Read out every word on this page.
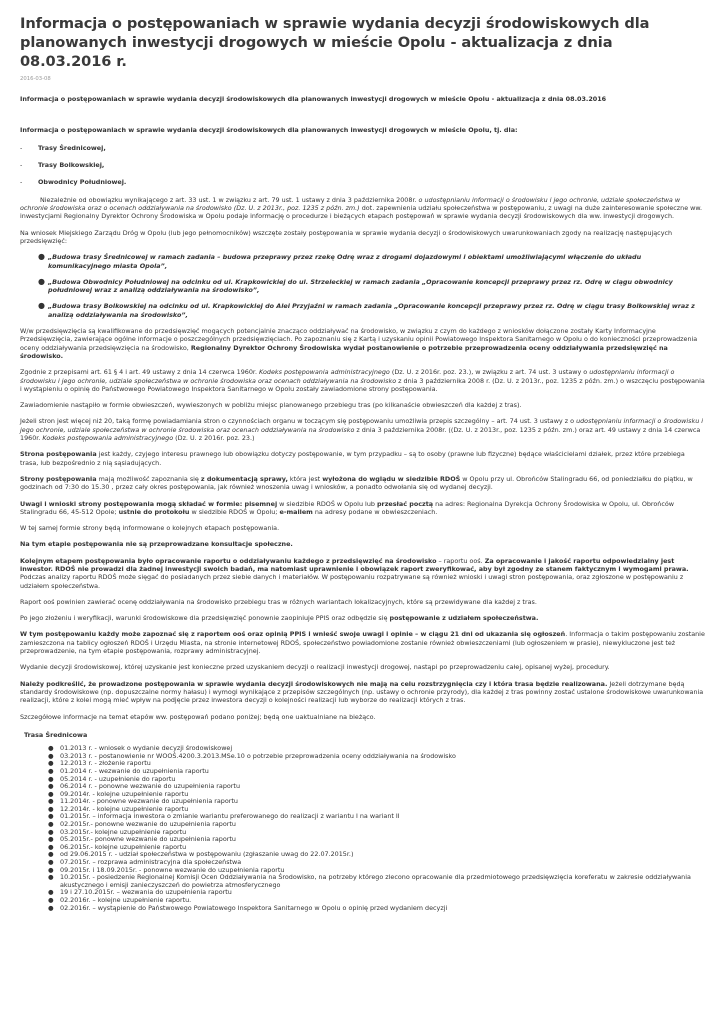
Informacja o postępowaniach w sprawie wydania decyzji środowiskowych dla planowanych inwestycji drogowych w mieście Opolu - aktualizacja z dnia 08.03.2016 r.
2016-03-08
Informacja o postępowaniach w sprawie wydania decyzji środowiskowych dla planowanych inwestycji drogowych w mieście Opolu - aktualizacja z dnia 08.03.2016

Informacja o postępowaniach w sprawie wydania decyzji środowiskowych dla planowanych inwestycji drogowych w mieście Opolu, tj. dla:

-	Trasy Średnicowej,
-	Trasy Bolkowskiej,
-	Obwodnicy Południowej.

Niezależnie od obowiązku wynikającego z art. 33 ust. 1 w związku z art. 79 ust. 1 ustawy z dnia 3 października 2008r. o udostępnianiu informacji o środowisku i jego ochronie, udziale społeczeństwa w ochronie środowiska oraz o ocenach oddziaływania na środowisko (Dz. U. z 2013r., poz. 1235 z późn. zm.) dot. zapewnienia udziału społeczeństwa w postępowaniu, z uwagi na duże zainteresowanie społeczne ww. inwestycjami Regionalny Dyrektor Ochrony Środowiska w Opolu podaje informację o procedurze i bieżących etapach postępowań w sprawie wydania decyzji środowiskowych dla ww. inwestycji drogowych.

Na wniosek Miejskiego Zarządu Dróg w Opolu (lub jego pełnomocników) wszczęte zostały postępowania w sprawie wydania decyzji o środowiskowych uwarunkowaniach zgody na realizację następujących przedsięwzięć:

● „Budowa trasy Średnicowej w ramach zadania – budowa przeprawy przez rzekę Odrę wraz z drogami dojazdowymi i obiektami umożliwiającymi włączenie do układu komunikacyjnego miasta Opola”,
● „Budowa Obwodnicy Południowej na odcinku od ul. Krapkowickiej do ul. Strzeleckiej w ramach zadania „Opracowanie koncepcji przeprawy przez rz. Odrę w ciągu obwodnicy południowej wraz z analizą oddziaływania na środowisko”,
● „Budowa trasy Bolkowskiej na odcinku od ul. Krapkowickiej do Alei Przyjaźni w ramach zadania „Opracowanie koncepcji przeprawy przez rz. Odrę w ciągu trasy Bolkowskiej wraz z analizą oddziaływania na środowisko”,

W/w przedsięwzięcia są kwalifikowane do przedsięwzięć mogących potencjalnie znacząco oddziaływać na środowisko, w związku z czym do każdego z wniosków dołączone zostały Karty Informacyjne Przedsięwzięcia, zawierające ogólne informacje o poszczególnych przedsięwzięciach. Po zapoznaniu się z Kartą i uzyskaniu opinii Powiatowego Inspektora Sanitarnego w Opolu o do konieczności przeprowadzenia oceny oddziaływania przedsięwzięcia na środowisko, Regionalny Dyrektor Ochrony Środowiska wydał postanowienie o potrzebie przeprowadzenia oceny oddziaływania przedsięwzięć na środowisko.

Zgodnie z przepisami art. 61 § 4 i art. 49 ustawy z dnia 14 czerwca 1960r. Kodeks postępowania administracyjnego (Dz. U. z 2016r. poz. 23.), w związku z art. 74 ust. 3 ustawy o udostępnianiu informacji o środowisku i jego ochronie, udziale społeczeństwa w ochronie środowiska oraz ocenach oddziaływania na środowisko z dnia 3 października 2008 r. (Dz. U. z 2013r., poz. 1235 z późn. zm.) o wszczęciu postępowania i wystąpieniu o opinię do Państwowego Powiatowego Inspektora Sanitarnego w Opolu zostały zawiadomione strony postępowania.

Zawiadomienie nastąpiło w formie obwieszczeń, wywieszonych w pobliżu miejsc planowanego przebiegu tras (po kilkanaście obwieszczeń dla każdej z tras).

Jeżeli stron jest więcej niż 20, taką formę powiadamiania stron o czynnościach organu w toczącym się postępowaniu umożliwia przepis szczególny – art. 74 ust. 3 ustawy z o udostępnianiu informacji o środowisku i jego ochronie, udziale społeczeństwa w ochronie środowiska oraz ocenach oddziaływania na środowisko z dnia 3 października 2008r. ((Dz. U. z 2013r., poz. 1235 z późn. zm.) oraz art. 49 ustawy z dnia 14 czerwca 1960r. Kodeks postępowania administracyjnego (Dz. U. z 2016r. poz. 23.)

Strona postępowania jest każdy, czyjego interesu prawnego lub obowiązku dotyczy postępowanie, w tym przypadku – są to osoby (prawne lub fizyczne) będące właścicielami działek, przez które przebiega trasa, lub bezpośrednio z nią sąsiadujących.

Strony postępowania mają możliwość zapoznania się z dokumentacją sprawy, która jest wyłożona do wglądu w siedzibie RDOŚ w Opolu przy ul. Obrońców Stalingradu 66, od poniedziałku do piątku, w godzinach od 7:30 do 15.30 , przez cały okres postępowania, jak również wnoszenia uwag i wniosków, a ponadto odwołania się od wydanej decyzji.

Uwagi i wnioski strony postępowania mogą składać w formie: pisemnej w siedzibie RDOŚ w Opolu lub przesłać pocztą na adres: Regionalna Dyrekcja Ochrony Środowiska w Opolu, ul. Obrońców Stalingradu 66, 45-512 Opole; ustnie do protokołu w siedzibie RDOŚ w Opolu; e-mailem na adresy podane w obwieszczeniach.

W tej samej formie strony będą informowane o kolejnych etapach postępowania.

Na tym etapie postępowania nie są przeprowadzane konsultacje społeczne.

Kolejnym etapem postępowania było opracowanie raportu o oddziaływaniu każdego z przedsięwzięć na środowisko – raportu ooś. Za opracowanie i jakość raportu odpowiedzialny jest inwestor. RDOŚ nie prowadzi dla żadnej inwestycji swoich badań, ma natomiast uprawnienie i obowiązek raport zweryfikować, aby był zgodny ze stanem faktycznym i wymogami prawa. Podczas analizy raportu RDOŚ może sięgać do posiadanych przez siebie danych i materiałów. W postępowaniu rozpatrywane są również wnioski i uwagi stron postępowania, oraz zgłoszone w postępowaniu z udziałem społeczeństwa.

Raport ooś powinien zawierać ocenę oddziaływania na środowisko przebiegu tras w różnych wariantach lokalizacyjnych, które są przewidywane dla każdej z tras.

Po jego złożeniu i weryfikacji, warunki środowiskowe dla przedsięwzięć ponownie zaopiniuje PPIS oraz odbędzie się postępowanie z udziałem społeczeństwa.

W tym postępowaniu każdy może zapoznać się z raportem ooś oraz opinią PPIS i wnieść swoje uwagi i opinie – w ciągu 21 dni od ukazania się ogłoszeń. Informacja o takim postępowaniu zostanie zamieszczona na tablicy ogłoszeń RDOŚ i Urzędu Miasta, na stronie internetowej RDOŚ, społeczeństwo powiadomione zostanie również obwieszczeniami (lub ogłoszeniem w prasie), niewykluczone jest też przeprowadzenie, na tym etapie postępowania, rozprawy administracyjnej.

Wydanie decyzji środowiskowej, której uzyskanie jest konieczne przed uzyskaniem decyzji o realizacji inwestycji drogowej, nastąpi po przeprowadzeniu całej, opisanej wyżej, procedury.

Należy podkreślić, że prowadzone postępowania w sprawie wydania decyzji środowiskowych nie mają na celu rozstrzygnięcia czy i która trasa będzie realizowana. Jeżeli dotrzymane będą standardy środowiskowe (np. dopuszczalne normy hałasu) i wymogi wynikające z przepisów szczególnych (np. ustawy o ochronie przyrody), dla każdej z tras powinny zostać ustalone środowiskowe uwarunkowania realizacji, które z kolei mogą mieć wpływ na podjęcie przez inwestora decyzji o kolejności realizacji lub wyborze do realizacji których z tras.

Szczegółowe informacje na temat etapów ww. postępowań podano poniżej; będą one uaktualniane na bieżąco.

Trasa Średnicowa
●	01.2013 r. - wniosek o wydanie decyzji środowiskowej
●	03.2013 r. - postanowienie nr WOOŚ.4200.3.2013.MSe.10 o potrzebie przeprowadzenia oceny oddziaływania na środowisko
●	12.2013 r. - złożenie raportu
●	01.2014 r. - wezwanie do uzupełnienia raportu
●	05.2014 r. - uzupełnienie do raportu
●	06.2014 r. - ponowne wezwanie do uzupełnienia raportu
●	09.2014r. - kolejne uzupełnienie raportu
●	11.2014r. - ponowne wezwanie do uzupełnienia raportu
●	12.2014r. - kolejne uzupełnienie raportu
●	01.2015r. – informacja inwestora o zmianie wariantu preferowanego do realizacji z wariantu I na wariant II
●	02.2015r.- ponowne wezwanie do uzupełnienia raportu
●	03.2015r.- kolejne uzupełnienie raportu
●	05.2015r.- ponowne wezwanie do uzupełnienia raportu
●	06.2015r.- kolejne uzupełnienie raportu
●	od 29.06.2015 r. - udział społeczeństwa w postępowaniu (zgłaszanie uwag do 22.07.2015r.)
●	07.2015r. – rozprawa administracyjna dla społeczeństwa
●	09.2015r. i 18.09.2015r. - ponowne wezwanie do uzupełnienia raportu
●	10.2015r. - posiedzenie Regionalnej Komisji Ocen Oddziaływania na Środowisko, na potrzeby którego zlecono opracowanie dla przedmiotowego przedsięwzięcia koreferatu w zakresie oddziaływania akustycznego i emisji zanieczyszczeń do powietrza atmosferycznego
●	19 i 27.10.2015r. – wezwania do uzupełnienia raportu
●	02.2016r. – kolejne uzupełnienie raportu.
●	02.2016r. – wystąpienie do Państwowego Powiatowego Inspektora Sanitarnego w Opolu o opinię przed wydaniem decyzji
